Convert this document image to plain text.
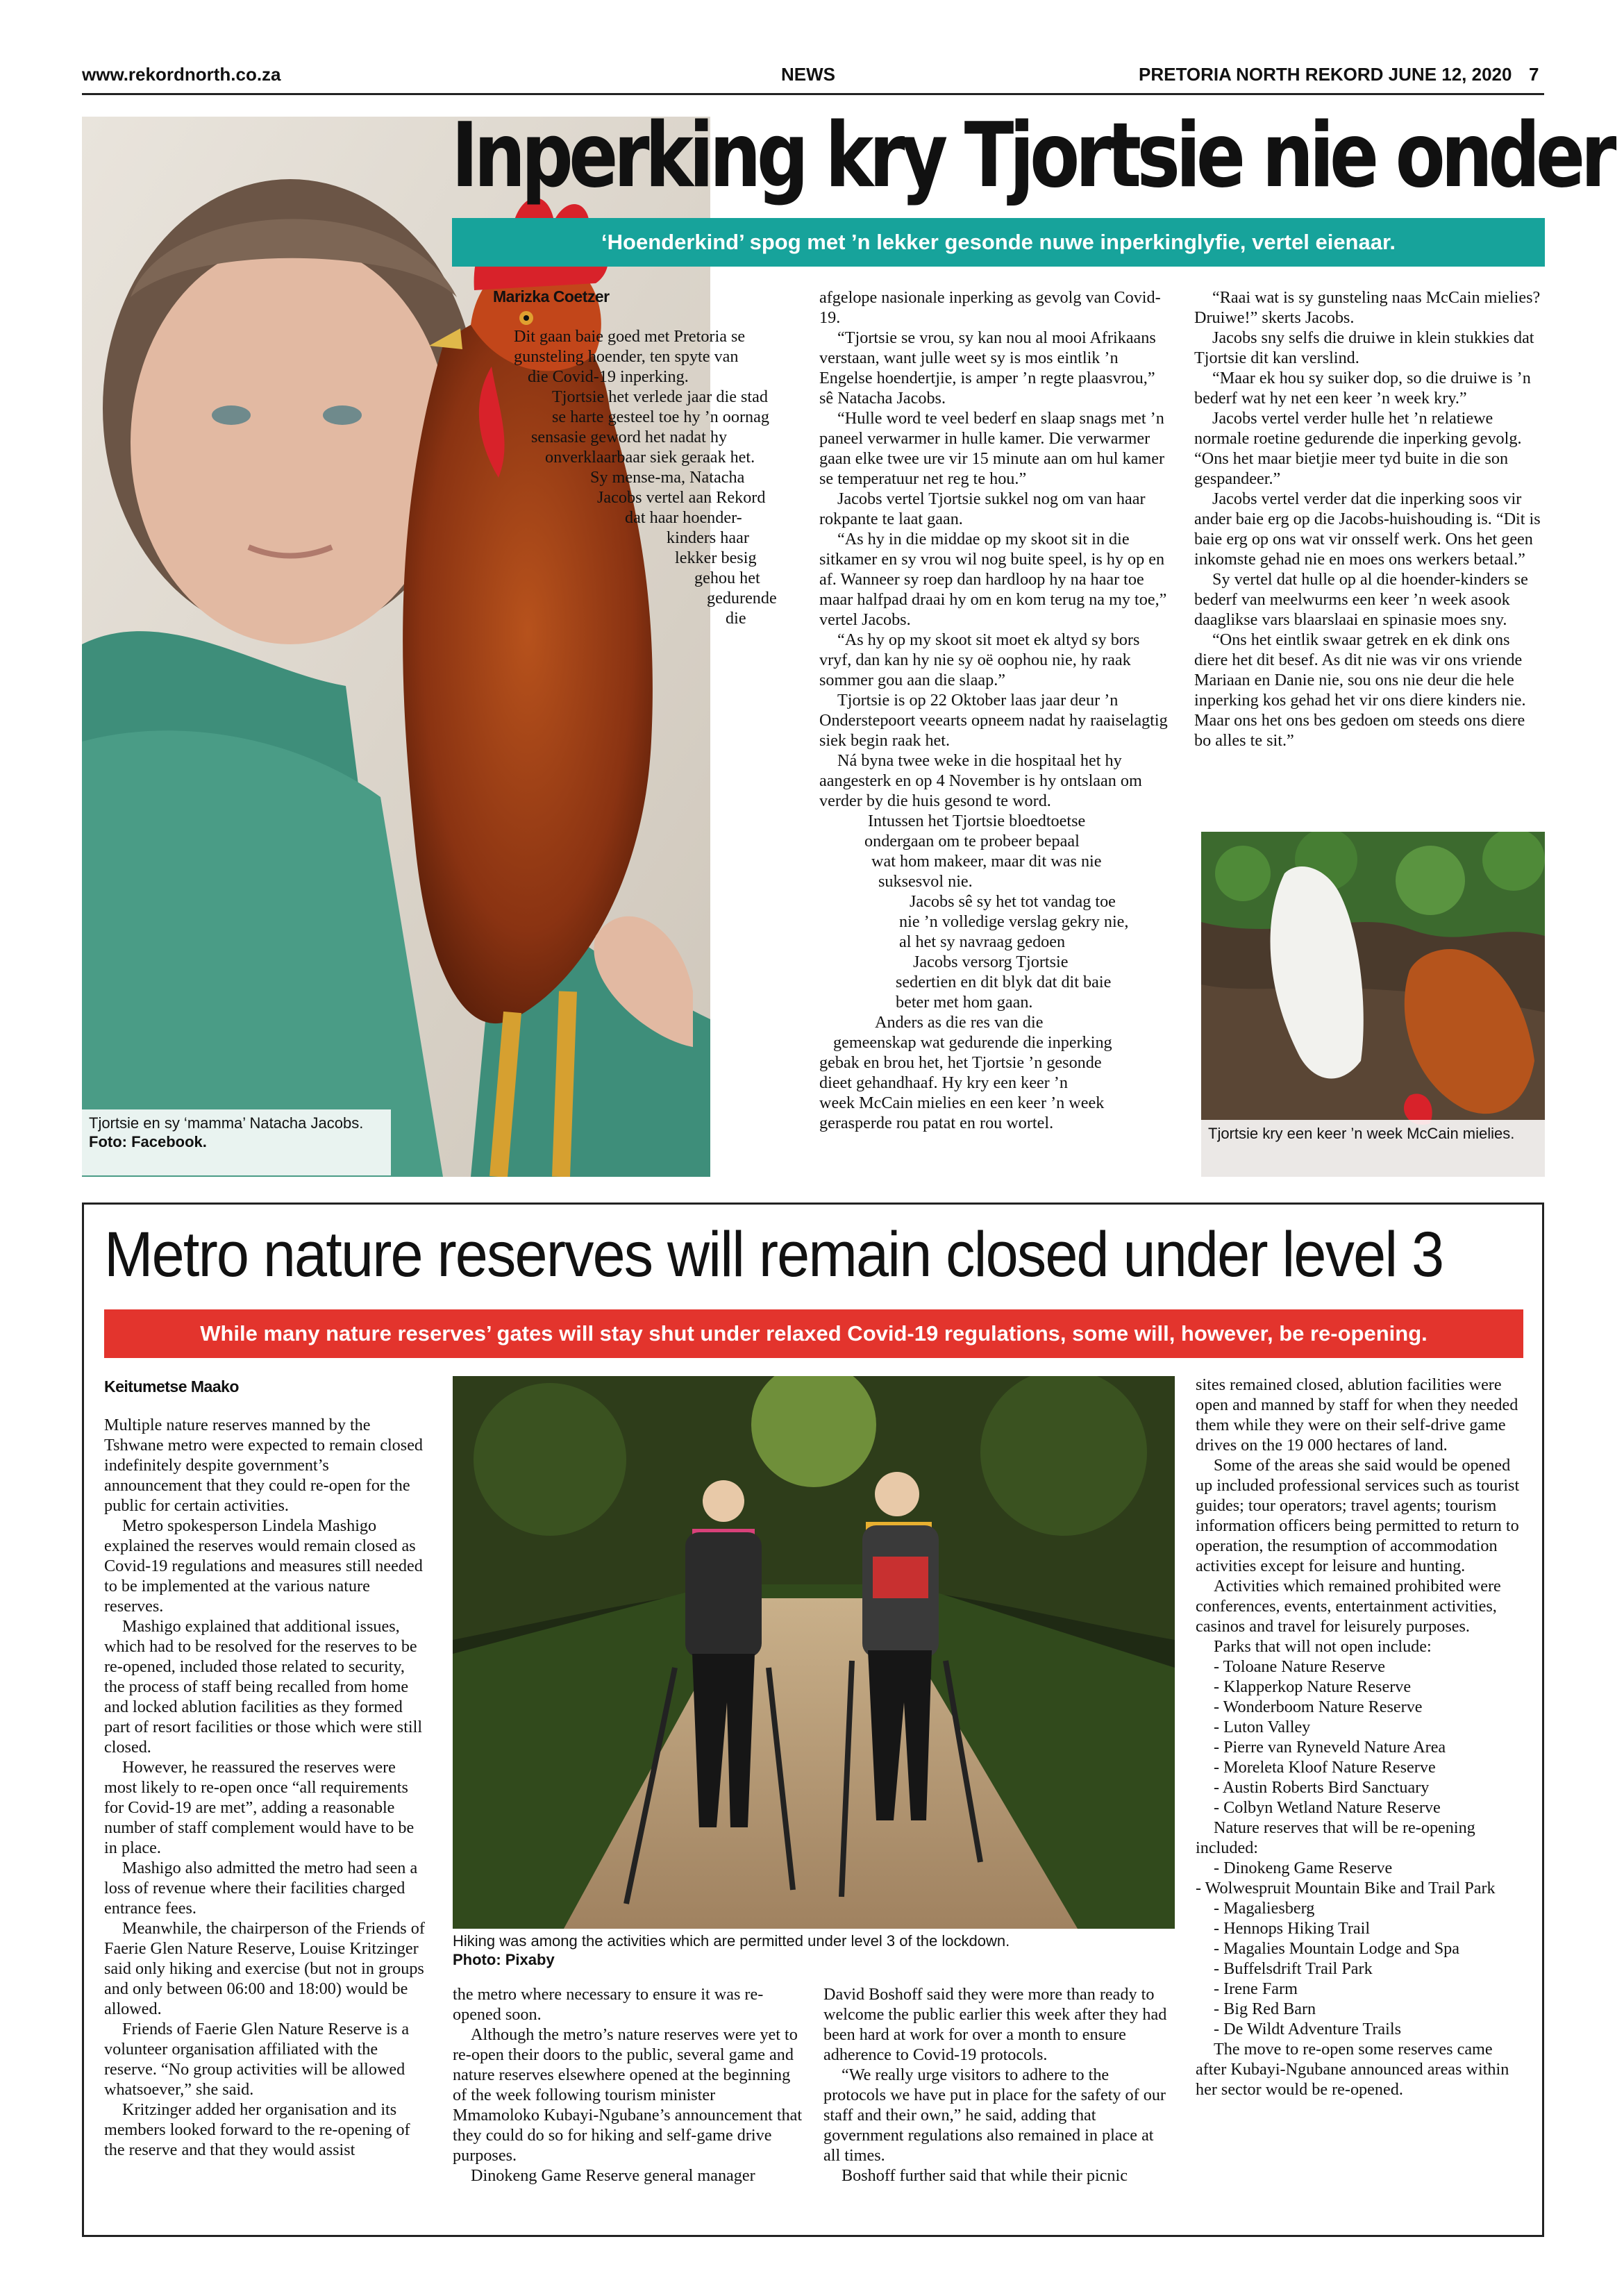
www.rekordnorth.co.za	NEWS	PRETORIA NORTH REKORD JUNE 12, 2020 7
Tjortsie en sy ‘mamma’ Natacha Jacobs. Foto: Facebook.
Inperking kry Tjortsie nie onder
‘Hoenderkind’ spog met ’n lekker gesonde nuwe inperkinglyfie, vertel eienaar.
Marizka Coetzer
Dit gaan baie goed met Pretoria se
gunsteling hoender, ten spyte van
die Covid-19 inperking.
Tjortsie het verlede jaar die stad
se harte gesteel toe hy ’n oornag
sensasie geword het nadat hy
onverklaarbaar siek geraak het.
Sy mense-ma, Natacha
Jacobs vertel aan Rekord
dat haar hoender-
kinders haar
lekker besig
gehou het
gedurende
die

afgelope nasionale inperking as gevolg van Covid-19.

“Tjortsie se vrou, sy kan nou al mooi Afrikaans verstaan, want julle weet sy is mos eintlik ’n Engelse hoendertjie, is amper ’n regte plaasvrou,” sê Natacha Jacobs.

“Hulle word te veel bederf en slaap snags met ’n paneel verwarmer in hulle kamer. Die verwarmer gaan elke twee ure vir 15 minute aan om hul kamer se temperatuur net reg te hou.”

Jacobs vertel Tjortsie sukkel nog om van haar rokpante te laat gaan.

“As hy in die middae op my skoot sit in die sitkamer en sy vrou wil nog buite speel, is hy op en af. Wanneer sy roep dan hardloop hy na haar toe maar halfpad draai hy om en kom terug na my toe,” vertel Jacobs.

“As hy op my skoot sit moet ek altyd sy bors vryf, dan kan hy nie sy oë oophou nie, hy raak sommer gou aan die slaap.”

Tjortsie is op 22 Oktober laas jaar deur ’n Onderstepoort veearts opneem nadat hy raaiselagtig siek begin raak het.

Ná byna twee weke in die hospitaal het hy aangesterk en op 4 November is hy ontslaan om verder by die huis gesond te word.

Intussen het Tjortsie bloedtoetse
ondergaan om te probeer bepaal
wat hom makeer, maar dit was nie
suksesvol nie.
Jacobs sê sy het tot vandag toe
nie ’n volledige verslag gekry nie,
al het sy navraag gedoen
Jacobs versorg Tjortsie
sedertien en dit blyk dat dit baie
beter met hom gaan.
Anders as die res van die
gemeenskap wat gedurende die inperking
gebak en brou het, het Tjortsie ’n gesonde
dieet gehandhaaf. Hy kry een keer ’n
week McCain mielies en een keer ’n week
gerasperde rou patat en rou wortel.

“Raai wat is sy gunsteling naas McCain mielies? Druiwe!” skerts Jacobs.

Jacobs sny selfs die druiwe in klein stukkies dat Tjortsie dit kan verslind.

“Maar ek hou sy suiker dop, so die druiwe is ’n bederf wat hy net een keer ’n week kry.”

Jacobs vertel verder hulle het ’n relatiewe normale roetine gedurende die inperking gevolg. “Ons het maar bietjie meer tyd buite in die son gespandeer.”

Jacobs vertel verder dat die inperking soos vir ander baie erg op die Jacobs-huishouding is. “Dit is baie erg op ons wat vir onsself werk. Ons het geen inkomste gehad nie en moes ons werkers betaal.”

Sy vertel dat hulle op al die hoender-kinders se bederf van meelwurms een keer ’n week asook daaglikse vars blaarslaai en spinasie moes sny.

“Ons het eintlik swaar getrek en ek dink ons diere het dit besef. As dit nie was vir ons vriende Mariaan en Danie nie, sou ons nie deur die hele inperking kos gehad het vir ons diere kinders nie. Maar ons het ons bes gedoen om steeds ons diere bo alles te sit.”

Tjortsie kry een keer ’n week McCain mielies.
Metro nature reserves will remain closed under level 3
While many nature reserves’ gates will stay shut under relaxed Covid-19 regulations, some will, however, be re-opening.
Keitumetse Maako

Multiple nature reserves manned by the Tshwane metro were expected to remain closed indefinitely despite government’s announcement that they could re-open for the public for certain activities.

Metro spokesperson Lindela Mashigo explained the reserves would remain closed as Covid-19 regulations and measures still needed to be implemented at the various nature reserves.

Mashigo explained that additional issues, which had to be resolved for the reserves to be re-opened, included those related to security, the process of staff being recalled from home and locked ablution facilities as they formed part of resort facilities or those which were still closed.

However, he reassured the reserves were most likely to re-open once “all requirements for Covid-19 are met”, adding a reasonable number of staff complement would have to be in place.

Mashigo also admitted the metro had seen a loss of revenue where their facilities charged entrance fees.

Meanwhile, the chairperson of the Friends of Faerie Glen Nature Reserve, Louise Kritzinger said only hiking and exercise (but not in groups and only between 06:00 and 18:00) would be allowed.

Friends of Faerie Glen Nature Reserve is a volunteer organisation affiliated with the reserve. “No group activities will be allowed whatsoever,” she said.

Kritzinger added her organisation and its members looked forward to the re-opening of the reserve and that they would assist

Hiking was among the activities which are permitted under level 3 of the lockdown.
Photo: Pixaby

the metro where necessary to ensure it was re-opened soon.

Although the metro’s nature reserves were yet to re-open their doors to the public, several game and nature reserves elsewhere opened at the beginning of the week following tourism minister Mmamoloko Kubayi-Ngubane’s announcement that they could do so for hiking and self-game drive purposes.

Dinokeng Game Reserve general manager

David Boshoff said they were more than ready to welcome the public earlier this week after they had been hard at work for over a month to ensure adherence to Covid-19 protocols.

“We really urge visitors to adhere to the protocols we have put in place for the safety of our staff and their own,” he said, adding that government regulations also remained in place at all times.

Boshoff further said that while their picnic

sites remained closed, ablution facilities were open and manned by staff for when they needed them while they were on their self-drive game drives on the 19 000 hectares of land.

Some of the areas she said would be opened up included professional services such as tourist guides; tour operators; travel agents; tourism information officers being permitted to return to operation, the resumption of accommodation activities except for leisure and hunting.

Activities which remained prohibited were conferences, events, entertainment activities, casinos and travel for leisurely purposes.

Parks that will not open include:

- Toloane Nature Reserve

- Klapperkop Nature Reserve

- Wonderboom Nature Reserve

- Luton Valley

- Pierre van Ryneveld Nature Area

- Moreleta Kloof Nature Reserve

- Austin Roberts Bird Sanctuary

- Colbyn Wetland Nature Reserve

Nature reserves that will be re-opening included:

- Dinokeng Game Reserve

- Wolwespruit Mountain Bike and Trail Park

- Magaliesberg

- Hennops Hiking Trail

- Magalies Mountain Lodge and Spa

- Buffelsdrift Trail Park

- Irene Farm

- Big Red Barn

- De Wildt Adventure Trails

The move to re-open some reserves came after Kubayi-Ngubane announced areas within her sector would be re-opened.
